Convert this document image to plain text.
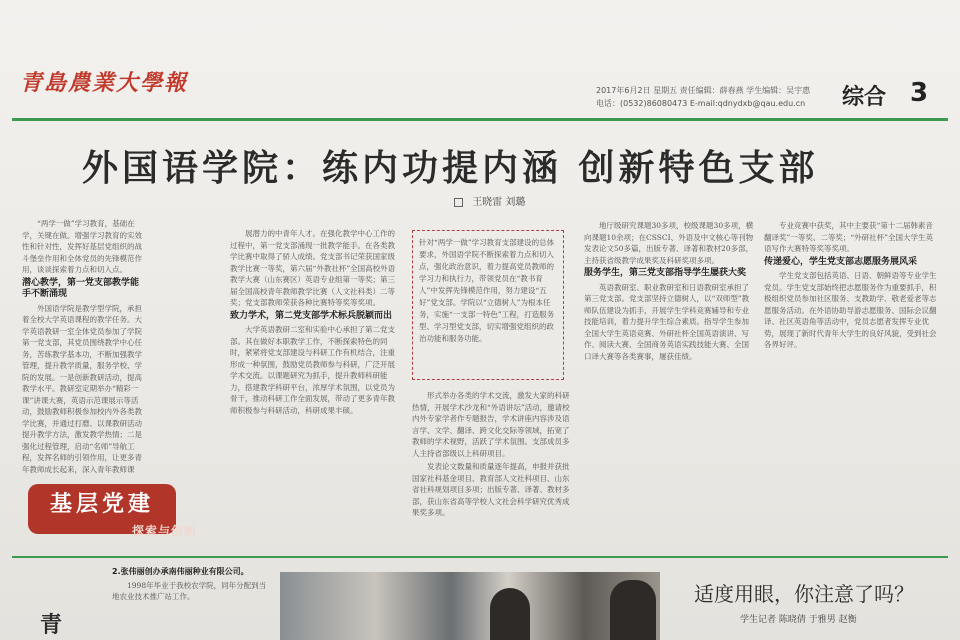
青島農業大學報	2017年6月2日 星期五 责任编辑：薛春燕 学生编辑：吴宇惠
电话：(0532)86080473 E-mail:qdnydxb@qau.edu.cn 综合 3
外国语学院：练内功提内涵 创新特色支部
王晓雷 刘璐

“两学一做”学习教育，基础在学，关键在做。增强学习教育的实效性和针对性，发挥好基层党组织的战斗堡垒作用和全体党员的先锋模范作用，谈谈探索着力点和切入点。

潜心教学，第一党支部教学能手不断涌现

外国语学院是教学型学院，承担着全校大学英语课程的教学任务。大学英语教研一室全体党员参加了学院第一党支部，其党员围绕教学中心任务，苦练教学基本功，不断加强教学管理，提升教学质量，服务学校、学院的发展。一是创新教研活动，提高教学水平。教研室定期举办“精彩一课”讲课大赛，英语示范课展示等活动，鼓励教师积极参加校内外各类教学比赛，并通过打磨、以课教研活动提升教学方法，激发教学热情；二是强化过程管理，启动“名师”导航工程，发挥名师的引领作用，让更多青年教师成长起来，深入青年教师课

展潜力的中青年人才。在强化教学中心工作的过程中，第一党支部涌现一批教学能手。在各类教学比赛中取得了骄人成绩。党支部书记荣获国家级教学比赛一等奖，第六届“外教社杯”全国高校外语教学大赛（山东赛区）英语专业组第一等奖；第三届全国高校青年教师教学比赛（人文社科类）二等奖；党支部教师荣获各种比赛特等奖等奖项。

致力学术，第二党支部学术标兵脱颖而出

大学英语教研二室和实验中心承担了第二党支部。其在做好本职教学工作，不断探索特色的同时，紧紧将党支部建设与科研工作有机结合，注重形成一种氛围，鼓励党员教师参与科研，广泛开展学术交流。以课题研究为抓手，提升教师科研能力，搭建教学科研平台，浓厚学术氛围，以党员为骨干，推动科研工作全面发展，带动了更多青年教师积极参与科研活动，科研成果丰硕。

针对“两学一做”学习教育支部建设的总体要求，外国语学院不断探索着力点和切入点，强化政治意识，着力提高党员教师的学习力和执行力，带领党员在“教书育人”中发挥先锋模范作用，努力建设“五好”党支部。学院以“立德树人”为根本任务，实施“一支部一特色”工程，打造服务型、学习型党支部，切实增强党组织的政治功能和服务功能。

形式举办各类的学术交流，激发大家的科研热情，开展学术沙龙和“外语讲坛”活动，邀请校内外专家学者作专题报告，学术讲座内容涉及语言学、文学、翻译、跨文化交际等领域，拓宽了教师的学术视野，活跃了学术氛围。支部成员多人主持省部级以上科研项目。

发表论文数量和质量逐年提高，申报并获批国家社科基金项目、教育部人文社科项目、山东省社科规划项目多项；出版专著、译著、教材多部，获山东省高等学校人文社会科学研究优秀成果奖多项。

地厅级研究课题30多项，校级课题30多项，横向课题10余项；在CSSCI、外语及中文核心等刊物发表论文50多篇，出版专著、译著和教材20多部，主持获省级教学成果奖及科研奖项多项。

服务学生，第三党支部指导学生屡获大奖

英语教研室、职业教研室和日语教研室承担了第三党支部。党支部坚持立德树人，以“双师型”教师队伍建设为抓手，开展学生学科竞赛辅导和专业技能培训，着力提升学生综合素质。指导学生参加全国大学生英语竞赛、外研社杯全国英语演讲、写作、阅读大赛、全国商务英语实践技能大赛、全国口译大赛等各类赛事，屡获佳绩。

专业竞赛中获奖，其中主要获“第十二届韩素音翻译奖”一等奖、二等奖；“外研社杯”全国大学生英语写作大赛特等奖等奖项。

传递爱心，学生党支部志愿服务展风采

学生党支部包括英语、日语、朝鲜语等专业学生党员。学生党支部始终把志愿服务作为重要抓手，积极组织党员参加社区服务、支教助学、敬老爱老等志愿服务活动。在外语协助导游志愿服务、国际会议翻译、社区英语角等活动中，党员志愿者发挥专业优势，展现了新时代青年大学生的良好风貌，受到社会各界好评。

基层党建
探索与创新

2.张伟丽创办承南伟丽种业有限公司。

1998年毕业于我校农学院，同年分配到当地农业技术推广站工作。

青
适度用眼，你注意了吗？
学生记者 陈晓倩 于雅男 赵衡
